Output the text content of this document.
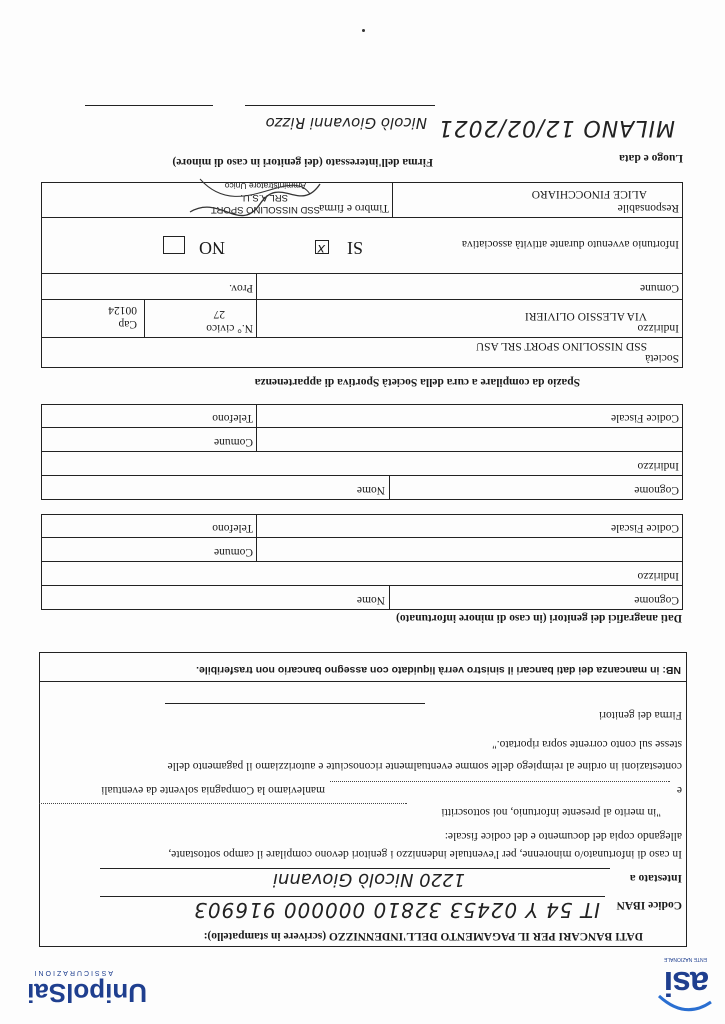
asi
ENTE NAZIONALE
UnipolSai
ASSICURAZIONI
DATI BANCARI PER IL PAGAMENTO DELL'INDENNIZZO (scrivere in stampatello):
Codice IBAN
IT 54 Y 02453 32810 000000 916903
Intestato a
1220 Nicolò Giovanni
In caso di infortunato/o minorenne, per l'eventuale indennizzo i genitori devono compilare il campo sottostante,
allegando copia del documento e del codice fiscale:
"in merito al presente infortunio, noi sottoscritti
e
manleviamo la Compagnia solvente da eventuali
contestazioni in ordine al reimpiego delle somme eventualmente riconosciute e autorizziamo il pagamento delle
stesse sul conto corrente sopra riportato."
Firma dei genitori
NB: in mancanza dei dati bancari il sinistro verrà liquidato con assegno bancario non trasferibile.
Dati anagrafici dei genitori (in caso di minore infortunato)
Cognome
Nome
Indirizzo
Comune
Codice Fiscale
Telefono
Cognome
Nome
Indirizzo
Comune
Codice Fiscale
Telefono
Spazio da compilare a cura della Società Sportiva di appartenenza
Società
SSD NISSOLINO SPORT SRL ASU
Indirizzo
VIA ALESSIO OLIVIERI
N.° civico
27
Cap
00124
Comune
Prov.
Infortunio avvenuto durante attività associativa
SI
x
NO
Responsabile
ALICE FINOCCHIARO
Timbro e firma
SSD NISSOLINO SPORT
SRL A.S.U.
Amministratore Unico
Luogo e data
Firma dell'interessato (dei genitori in caso di minore)
MILANO 12/02/2021
Nicolò Giovanni Rizzo
